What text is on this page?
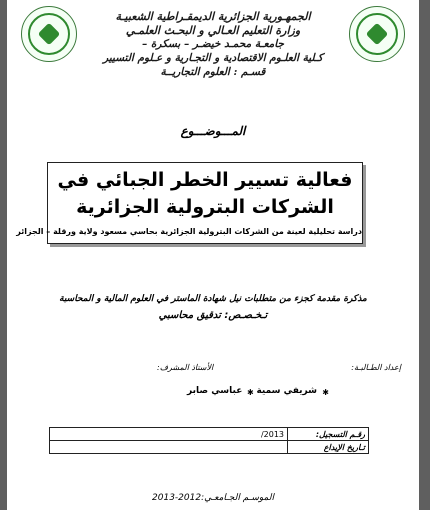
الجمهـورية الجزائرية الديمقـراطية الشعبيـة
وزارة التعليم العـالي و البحـث العلمـي
جامعـة محمـد خيضـر – بسكرة –
كـلية العلـوم الاقتصادية و التجـارية و عـلوم التسيير
قسـم : العلوم التجاريــة
المـــوضـــوع
فعالية تسيير الخطر الجبائي في
الشركات البترولية الجزائرية
دراسة تحليلية لعينة من الشركات البترولية الجزائرية بحاسي مسعود ولاية ورقلة – الجزائر
مذكرة مقدمة كجزء من متطلبات نيل شهادة الماستر في العلوم المالية و المحاسبة
تـخـصـص: تدقيق محاسبي
إعداد الطـالبـة:
الأستاذ المشرف:
✱
شريفي سمية
✱
عباسي صابر
2013/	رقـم التسجيل:
	تـاريخ الإيداع
الموسـم الجـامعـي:2012-2013
